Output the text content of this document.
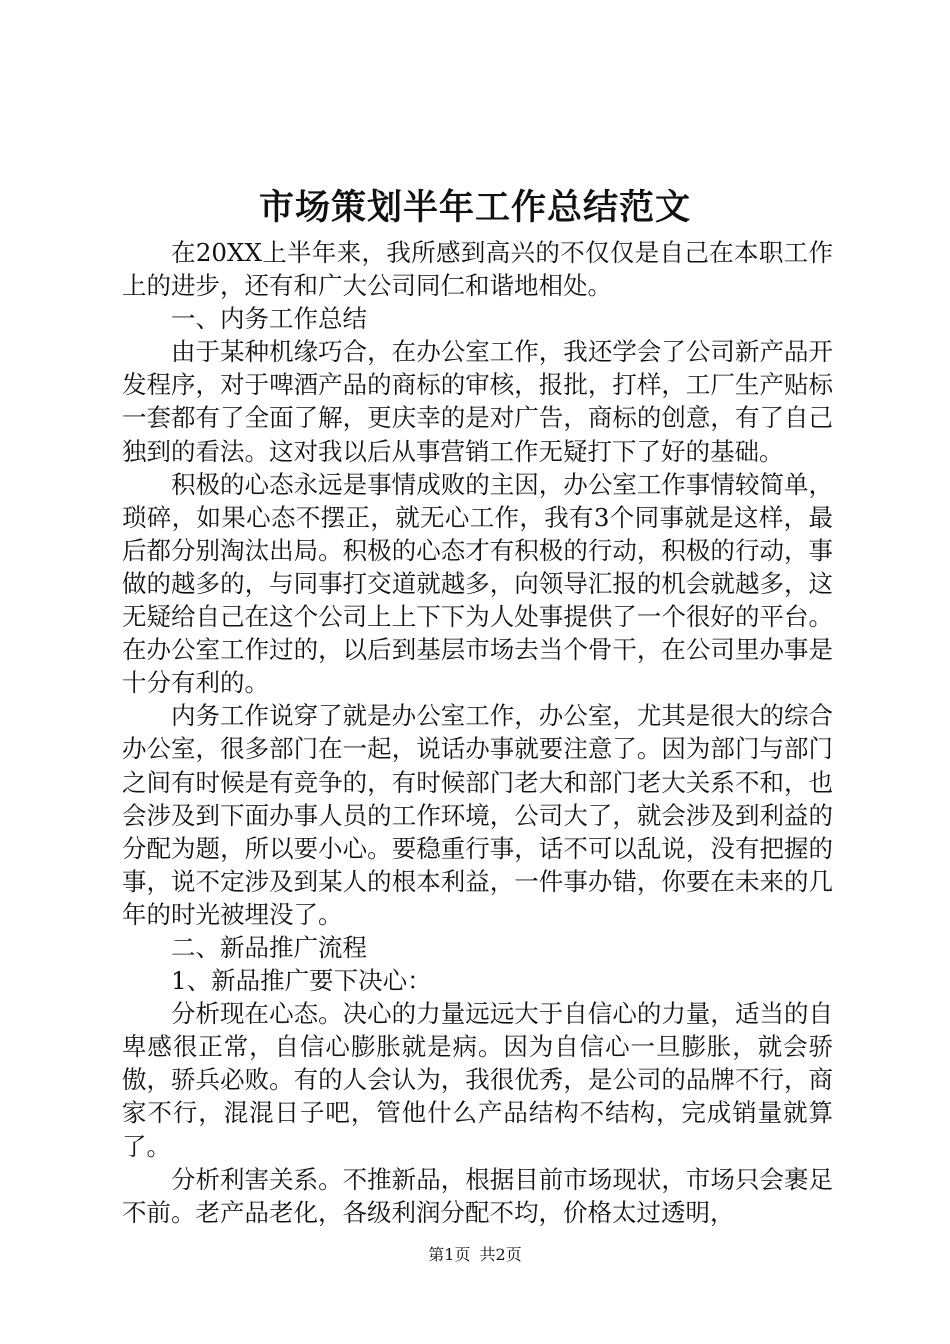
市场策划半年工作总结范文

在20XX上半年来，我所感到高兴的不仅仅是自己在本职工作上的进步，还有和广大公司同仁和谐地相处。

一、内务工作总结

由于某种机缘巧合，在办公室工作，我还学会了公司新产品开发程序，对于啤酒产品的商标的审核，报批，打样，工厂生产贴标一套都有了全面了解，更庆幸的是对广告，商标的创意，有了自己独到的看法。这对我以后从事营销工作无疑打下了好的基础。

积极的心态永远是事情成败的主因，办公室工作事情较简单，琐碎，如果心态不摆正，就无心工作，我有3个同事就是这样，最后都分别淘汰出局。积极的心态才有积极的行动，积极的行动，事做的越多的，与同事打交道就越多，向领导汇报的机会就越多，这无疑给自己在这个公司上上下下为人处事提供了一个很好的平台。在办公室工作过的，以后到基层市场去当个骨干，在公司里办事是十分有利的。

内务工作说穿了就是办公室工作，办公室，尤其是很大的综合办公室，很多部门在一起，说话办事就要注意了。因为部门与部门之间有时候是有竞争的，有时候部门老大和部门老大关系不和，也会涉及到下面办事人员的工作环境，公司大了，就会涉及到利益的分配为题，所以要小心。要稳重行事，话不可以乱说，没有把握的事，说不定涉及到某人的根本利益，一件事办错，你要在未来的几年的时光被埋没了。

二、新品推广流程

1、新品推广要下决心：

分析现在心态。决心的力量远远大于自信心的力量，适当的自卑感很正常，自信心膨胀就是病。因为自信心一旦膨胀，就会骄傲，骄兵必败。有的人会认为，我很优秀，是公司的品牌不行，商家不行，混混日子吧，管他什么产品结构不结构，完成销量就算了。

分析利害关系。不推新品，根据目前市场现状，市场只会裹足不前。老产品老化，各级利润分配不均，价格太过透明，

第1页 共2页
